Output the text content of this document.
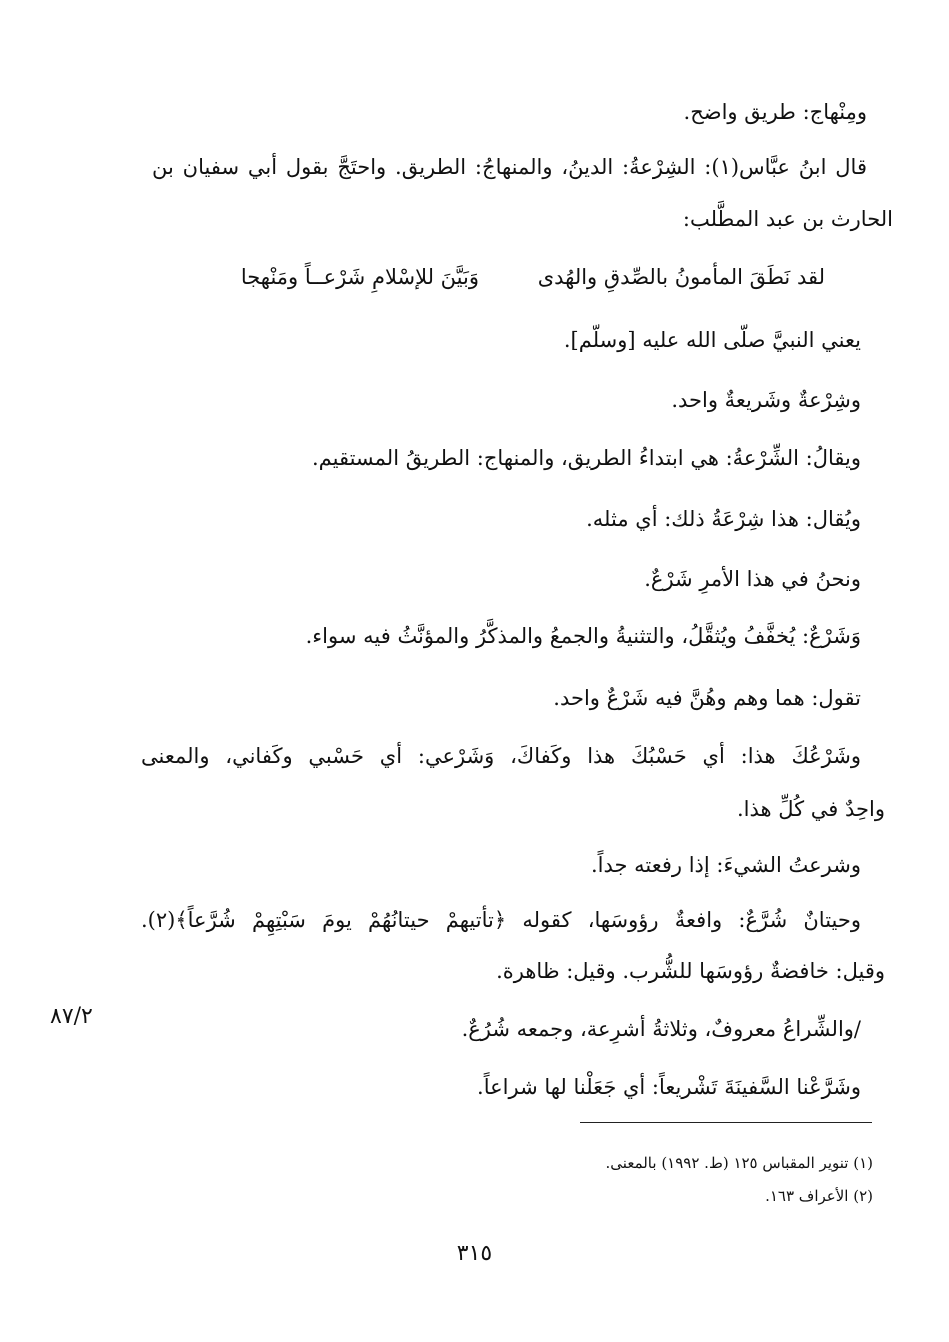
ومِنْهاج: طريق واضح.
قال ابنُ عبَّاس(١): الشِرْعةُ: الدينُ، والمنهاجُ: الطريق. واحتَجَّ بقول أبي سفيان بن
الحارث بن عبد المطَّلب:
لقد نَطَقَ المأمونُ بالصِّدقِ والهُدى
وَبَيَّنَ للإسْلامِ شَرْعــاً ومَنْهجا
يعني النبيَّ صلّى الله عليه [وسلّم].
وشِرْعةٌ وشَريعةٌ واحد.
ويقالُ: الشِّرْعةُ: هي ابتداءُ الطريق، والمنهاج: الطريقُ المستقيم.
ويُقال: هذا شِرْعَةُ ذلك: أي مثله.
ونحنُ في هذا الأمرِ شَرْعٌ.
وَشَرْعٌ: يُخفَّفُ ويُثقَّلُ، والتثنيةُ والجمعُ والمذكَّرُ والمؤنَّثُ فيه سواء.
تقول: هما وهم وهُنَّ فيه شَرْعٌ واحد.
وشَرْعُكَ هذا: أي حَسْبُكَ هذا وكَفاكَ، وَشَرْعي: أي حَسْبي وكَفاني، والمعنى
واحِدٌ في كُلِّ هذا.
وشرعتُ الشيءَ: إذا رفعته جداً.
وحيتانٌ شُرَّعٌ: وافعةٌ رؤوسَها، كقوله ﴿تأتيهمْ حيتانُهُمْ يومَ سَبْتِهِمْ شُرَّعاً﴾(٢).
وقيل: خافضةٌ رؤوسَها للشُّرب. وقيل: ظاهرة.
/والشِّراعُ معروفٌ، وثلاثةُ أشرِعة، وجمعه شُرُعٌ.
وشَرَّعْنا السَّفينَةَ تَشْريعاً: أي جَعَلْنا لها شراعاً.
٨٧/٢
(١) تنوير المقباس ١٢٥ (ط. ١٩٩٢) بالمعنى.
(٢) الأعراف ١٦٣.
٣١٥
